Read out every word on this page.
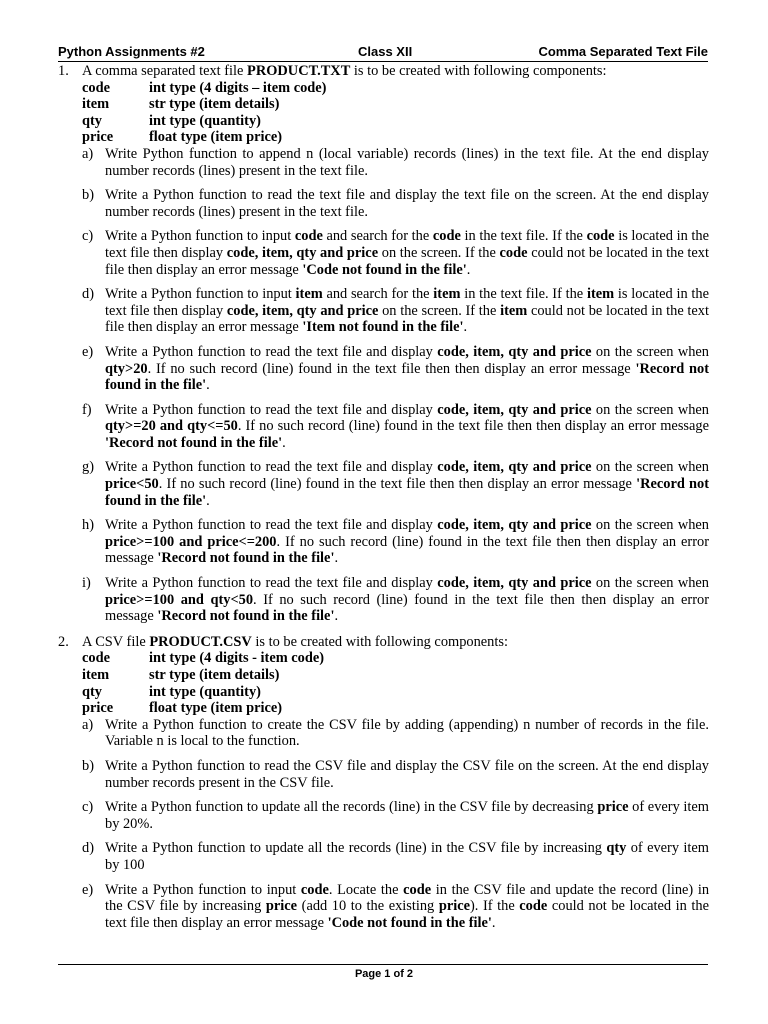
Python Assignments #2	Class XII	Comma Separated Text File
1. A comma separated text file PRODUCT.TXT is to be created with following components:
code	int type (4 digits – item code)
item	str type (item details)
qty	int type (quantity)
price	float type (item price)
a) Write Python function to append n (local variable) records (lines) in the text file. At the end display number records (lines) present in the text file.
b) Write a Python function to read the text file and display the text file on the screen. At the end display number records (lines) present in the text file.
c) Write a Python function to input code and search for the code in the text file. If the code is located in the text file then display code, item, qty and price on the screen. If the code could not be located in the text file then display an error message 'Code not found in the file'.
d) Write a Python function to input item and search for the item in the text file. If the item is located in the text file then display code, item, qty and price on the screen. If the item could not be located in the text file then display an error message 'Item not found in the file'.
e) Write a Python function to read the text file and display code, item, qty and price on the screen when qty>20. If no such record (line) found in the text file then then display an error message 'Record not found in the file'.
f) Write a Python function to read the text file and display code, item, qty and price on the screen when qty>=20 and qty<=50. If no such record (line) found in the text file then then display an error message 'Record not found in the file'.
g) Write a Python function to read the text file and display code, item, qty and price on the screen when price<50. If no such record (line) found in the text file then then display an error message 'Record not found in the file'.
h) Write a Python function to read the text file and display code, item, qty and price on the screen when price>=100 and price<=200. If no such record (line) found in the text file then then display an error message 'Record not found in the file'.
i) Write a Python function to read the text file and display code, item, qty and price on the screen when price>=100 and qty<50. If no such record (line) found in the text file then then display an error message 'Record not found in the file'.
2. A CSV file PRODUCT.CSV is to be created with following components:
code	int type (4 digits - item code)
item	str type (item details)
qty	int type (quantity)
price	float type (item price)
a) Write a Python function to create the CSV file by adding (appending) n number of records in the file. Variable n is local to the function.
b) Write a Python function to read the CSV file and display the CSV file on the screen. At the end display number records present in the CSV file.
c) Write a Python function to update all the records (line) in the CSV file by decreasing price of every item by 20%.
d) Write a Python function to update all the records (line) in the CSV file by increasing qty of every item by 100
e) Write a Python function to input code. Locate the code in the CSV file and update the record (line) in the CSV file by increasing price (add 10 to the existing price). If the code could not be located in the text file then display an error message 'Code not found in the file'.
Page 1 of 2
